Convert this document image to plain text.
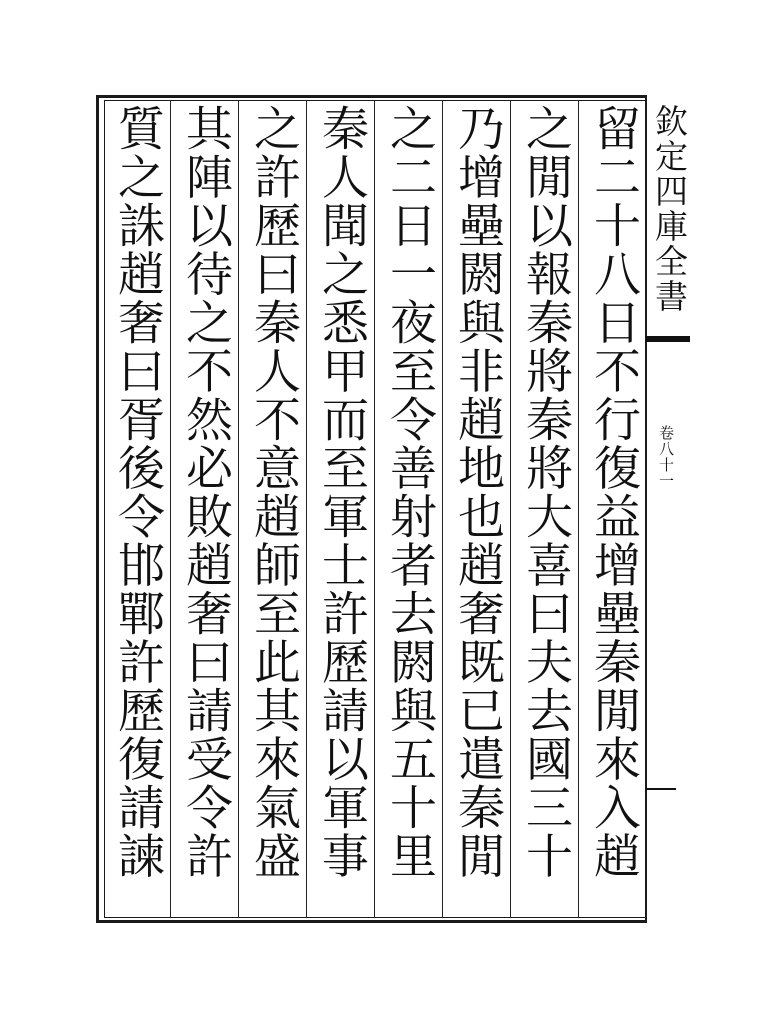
欽定四庫全書
卷八十一
留二十八日不行復益增壘秦閒來入趙
之閒以報秦將秦將大喜曰夫去國三十
乃增壘閼與非趙地也趙奢既已遣秦閒
之二日一夜至令善射者去閼與五十里
秦人聞之悉甲而至軍士許歷請以軍事
之許歷曰秦人不意趙師至此其來氣盛
其陣以待之不然必敗趙奢曰請受令許
質之誅趙奢曰胥後令邯鄲許歷復請諫
